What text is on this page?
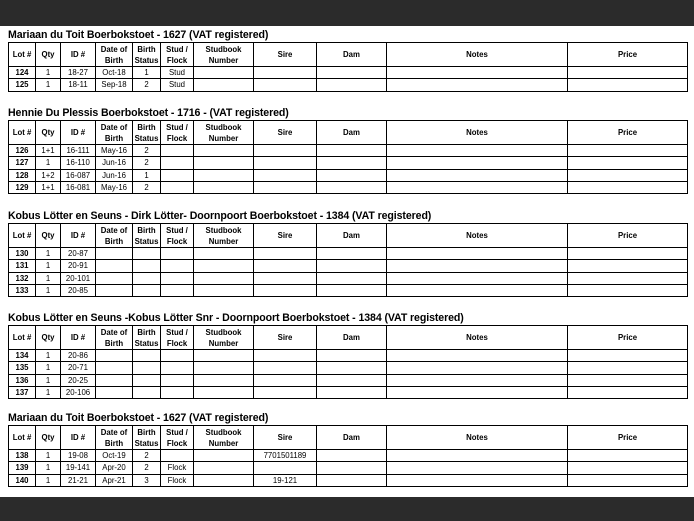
Mariaan du Toit Boerbokstoet - 1627 (VAT registered)
Lot #	Qty	ID #	Date of Birth	Birth Status	Stud / Flock	Studbook Number	Sire	Dam	Notes	Price
124	1	18-27	Oct-18	1	Stud					
125	1	18-11	Sep-18	2	Stud					
Hennie Du Plessis Boerbokstoet - 1716 - (VAT registered)
Lot #	Qty	ID #	Date of Birth	Birth Status	Stud / Flock	Studbook Number	Sire	Dam	Notes	Price
126	1+1	16-111	May-16	2						
127	1	16-110	Jun-16	2						
128	1+2	16-087	Jun-16	1						
129	1+1	16-081	May-16	2						
Kobus Lötter en Seuns - Dirk Lötter- Doornpoort Boerbokstoet - 1384 (VAT registered)
Lot #	Qty	ID #	Date of Birth	Birth Status	Stud / Flock	Studbook Number	Sire	Dam	Notes	Price
130	1	20-87								
131	1	20-91								
132	1	20-101								
133	1	20-85								
Kobus Lötter en Seuns -Kobus Lötter Snr - Doornpoort Boerbokstoet - 1384 (VAT registered)
Lot #	Qty	ID #	Date of Birth	Birth Status	Stud / Flock	Studbook Number	Sire	Dam	Notes	Price
134	1	20-86								
135	1	20-71								
136	1	20-25								
137	1	20-106								
Mariaan du Toit Boerbokstoet - 1627 (VAT registered)
Lot #	Qty	ID #	Date of Birth	Birth Status	Stud / Flock	Studbook Number	Sire	Dam	Notes	Price
138	1	19-08	Oct-19	2			7701501189			
139	1	19-141	Apr-20	2	Flock					
140	1	21-21	Apr-21	3	Flock		19-121			
